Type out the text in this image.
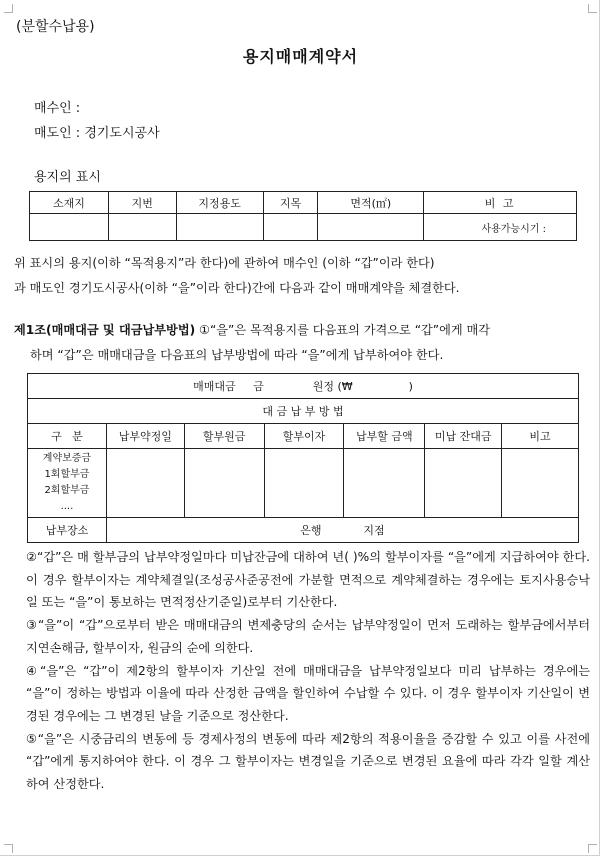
(분할수납용)
용지매매계약서
매수인 :
매도인 : 경기도시공사
용지의 표시
소재지	지번	지정용도	지목	면적(㎡)	비 고
					사용가능시기 :
위 표시의 용지(이하 “목적용지”라 한다)에 관하여 매수인 (이하 “갑”이라 한다)
과 매도인 경기도시공사(이하 “을”이라 한다)간에 다음과 같이 매매계약을 체결한다.
제1조(매매대금 및 대금납부방법) ①“을”은 목적용지를 다음표의 가격으로 “갑”에게 매각
하며 “갑”은 매매대금을 다음표의 납부방법에 따라 “을”에게 납부하여야 한다.
매매대금     금              원정 (₩                )						
대 금 납 부 방 법						
구   분	납부약정일	할부원금	할부이자	납부할 금액	미납 잔대금	비고

계약보증금
1회할부금
2회할부금
....						

납부장소	은행            지점					

②“갑”은 매 할부금의 납부약정일마다 미납잔금에 대하여 년( )%의 할부이자를 “을”에게 지급하여야 한다. 이 경우 할부이자는 계약체결일(조성공사준공전에 가분할 면적으로 계약체결하는 경우에는 토지사용승낙일 또는 “을”이 통보하는 면적정산기준일)로부터 기산한다.

③“을”이 “갑”으로부터 받은 매매대금의 변제충당의 순서는 납부약정일이 먼저 도래하는 할부금에서부터 지연손해금, 할부이자, 원금의 순에 의한다.

④“을”은 “갑”이 제2항의 할부이자 기산일 전에 매매대금을 납부약정일보다 미리 납부하는 경우에는 “을”이 정하는 방법과 이율에 따라 산정한 금액을 할인하여 수납할 수 있다. 이 경우 할부이자 기산일이 변경된 경우에는 그 변경된 날을 기준으로 정산한다.

⑤“을”은 시중금리의 변동에 등 경제사정의 변동에 따라 제2항의 적용이율을 증감할 수 있고 이를 사전에 “갑”에게 통지하여야 한다. 이 경우 그 할부이자는 변경일을 기준으로 변경된 요율에 따라 각각 일할 계산하여 산정한다.
